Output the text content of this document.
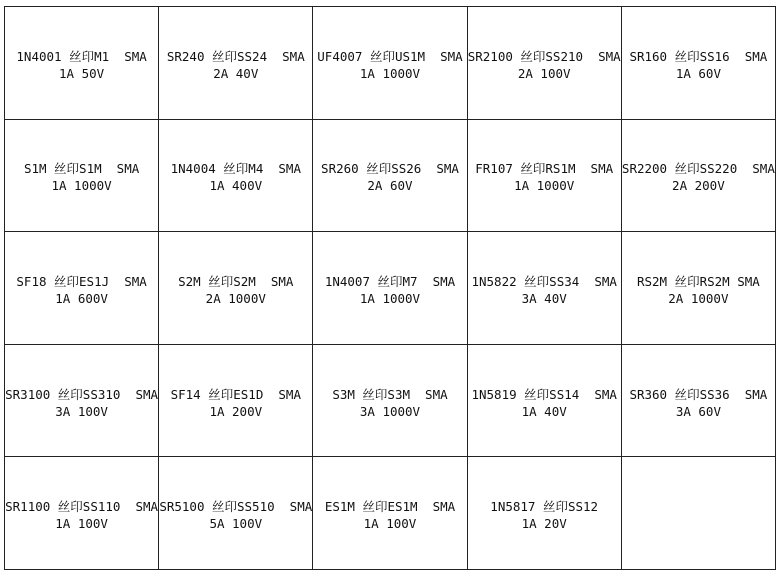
1N4001 丝印M1  SMA
1A 50V
SR240 丝印SS24  SMA
2A 40V
UF4007 丝印US1M  SMA
1A 1000V
SR2100 丝印SS210  SMA
2A 100V
SR160 丝印SS16  SMA
1A 60V
S1M 丝印S1M  SMA
1A 1000V
1N4004 丝印M4  SMA
1A 400V
SR260 丝印SS26  SMA
2A 60V
FR107 丝印RS1M  SMA
1A 1000V
SR2200 丝印SS220  SMA
2A 200V
SF18 丝印ES1J  SMA
1A 600V
S2M 丝印S2M  SMA
2A 1000V
1N4007 丝印M7  SMA
1A 1000V
1N5822 丝印SS34  SMA
3A 40V
RS2M 丝印RS2M SMA
2A 1000V
SR3100 丝印SS310  SMA
3A 100V
SF14 丝印ES1D  SMA
1A 200V
S3M 丝印S3M  SMA
3A 1000V
1N5819 丝印SS14  SMA
1A 40V
SR360 丝印SS36  SMA
3A 60V
SR1100 丝印SS110  SMA
1A 100V
SR5100 丝印SS510  SMA
5A 100V
ES1M 丝印ES1M  SMA
1A 100V
1N5817 丝印SS12
1A 20V
